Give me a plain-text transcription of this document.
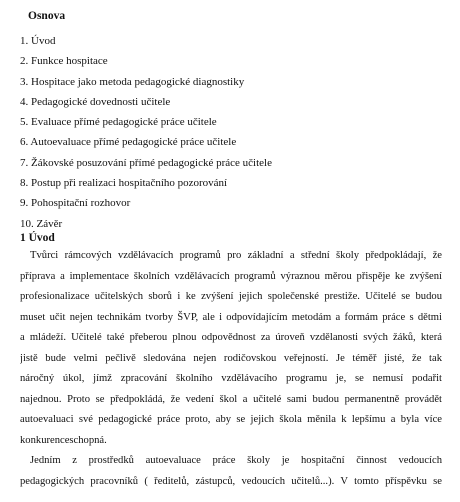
Osnova
1. Úvod
2. Funkce hospitace
3. Hospitace jako metoda pedagogické diagnostiky
4. Pedagogické dovednosti učitele
5. Evaluace přímé pedagogické práce učitele
6. Autoevaluace přímé pedagogické práce učitele
7. Žákovské posuzování přímé pedagogické práce učitele
8. Postup při realizaci hospitačního pozorování
9. Pohospitační rozhovor
10. Závěr
1 Úvod
Tvůrci rámcových vzdělávacích programů pro základní a střední školy předpokládají, že
příprava a implementace školních vzdělávacích programů výraznou měrou přispěje ke zvýšení
profesionalizace učitelských sborů i ke zvýšení jejich společenské prestiže. Učitelé se budou
muset učit nejen technikám tvorby ŠVP, ale i odpovídajícím metodám a formám práce s dětmi
a mládeží. Učitelé také přeberou plnou odpovědnost za úroveň vzdělanosti svých žáků, která
jistě bude velmi pečlivě sledována nejen rodičovskou veřejností. Je téměř jisté, že tak
náročný úkol, jímž zpracování školního vzdělávacího programu je, se nemusí podařit
najednou. Proto se předpokládá, že vedení škol a učitelé sami budou permanentně provádět
autoevaluaci své pedagogické práce proto, aby se jejich škola měnila k lepšímu a byla více
konkurenceschopná.
Jedním z prostředků autoevaluace práce školy je hospitační činnost vedoucích
pedagogických pracovníků ( ředitelů, zástupců, vedoucích učitelů...). V tomto příspěvku se
